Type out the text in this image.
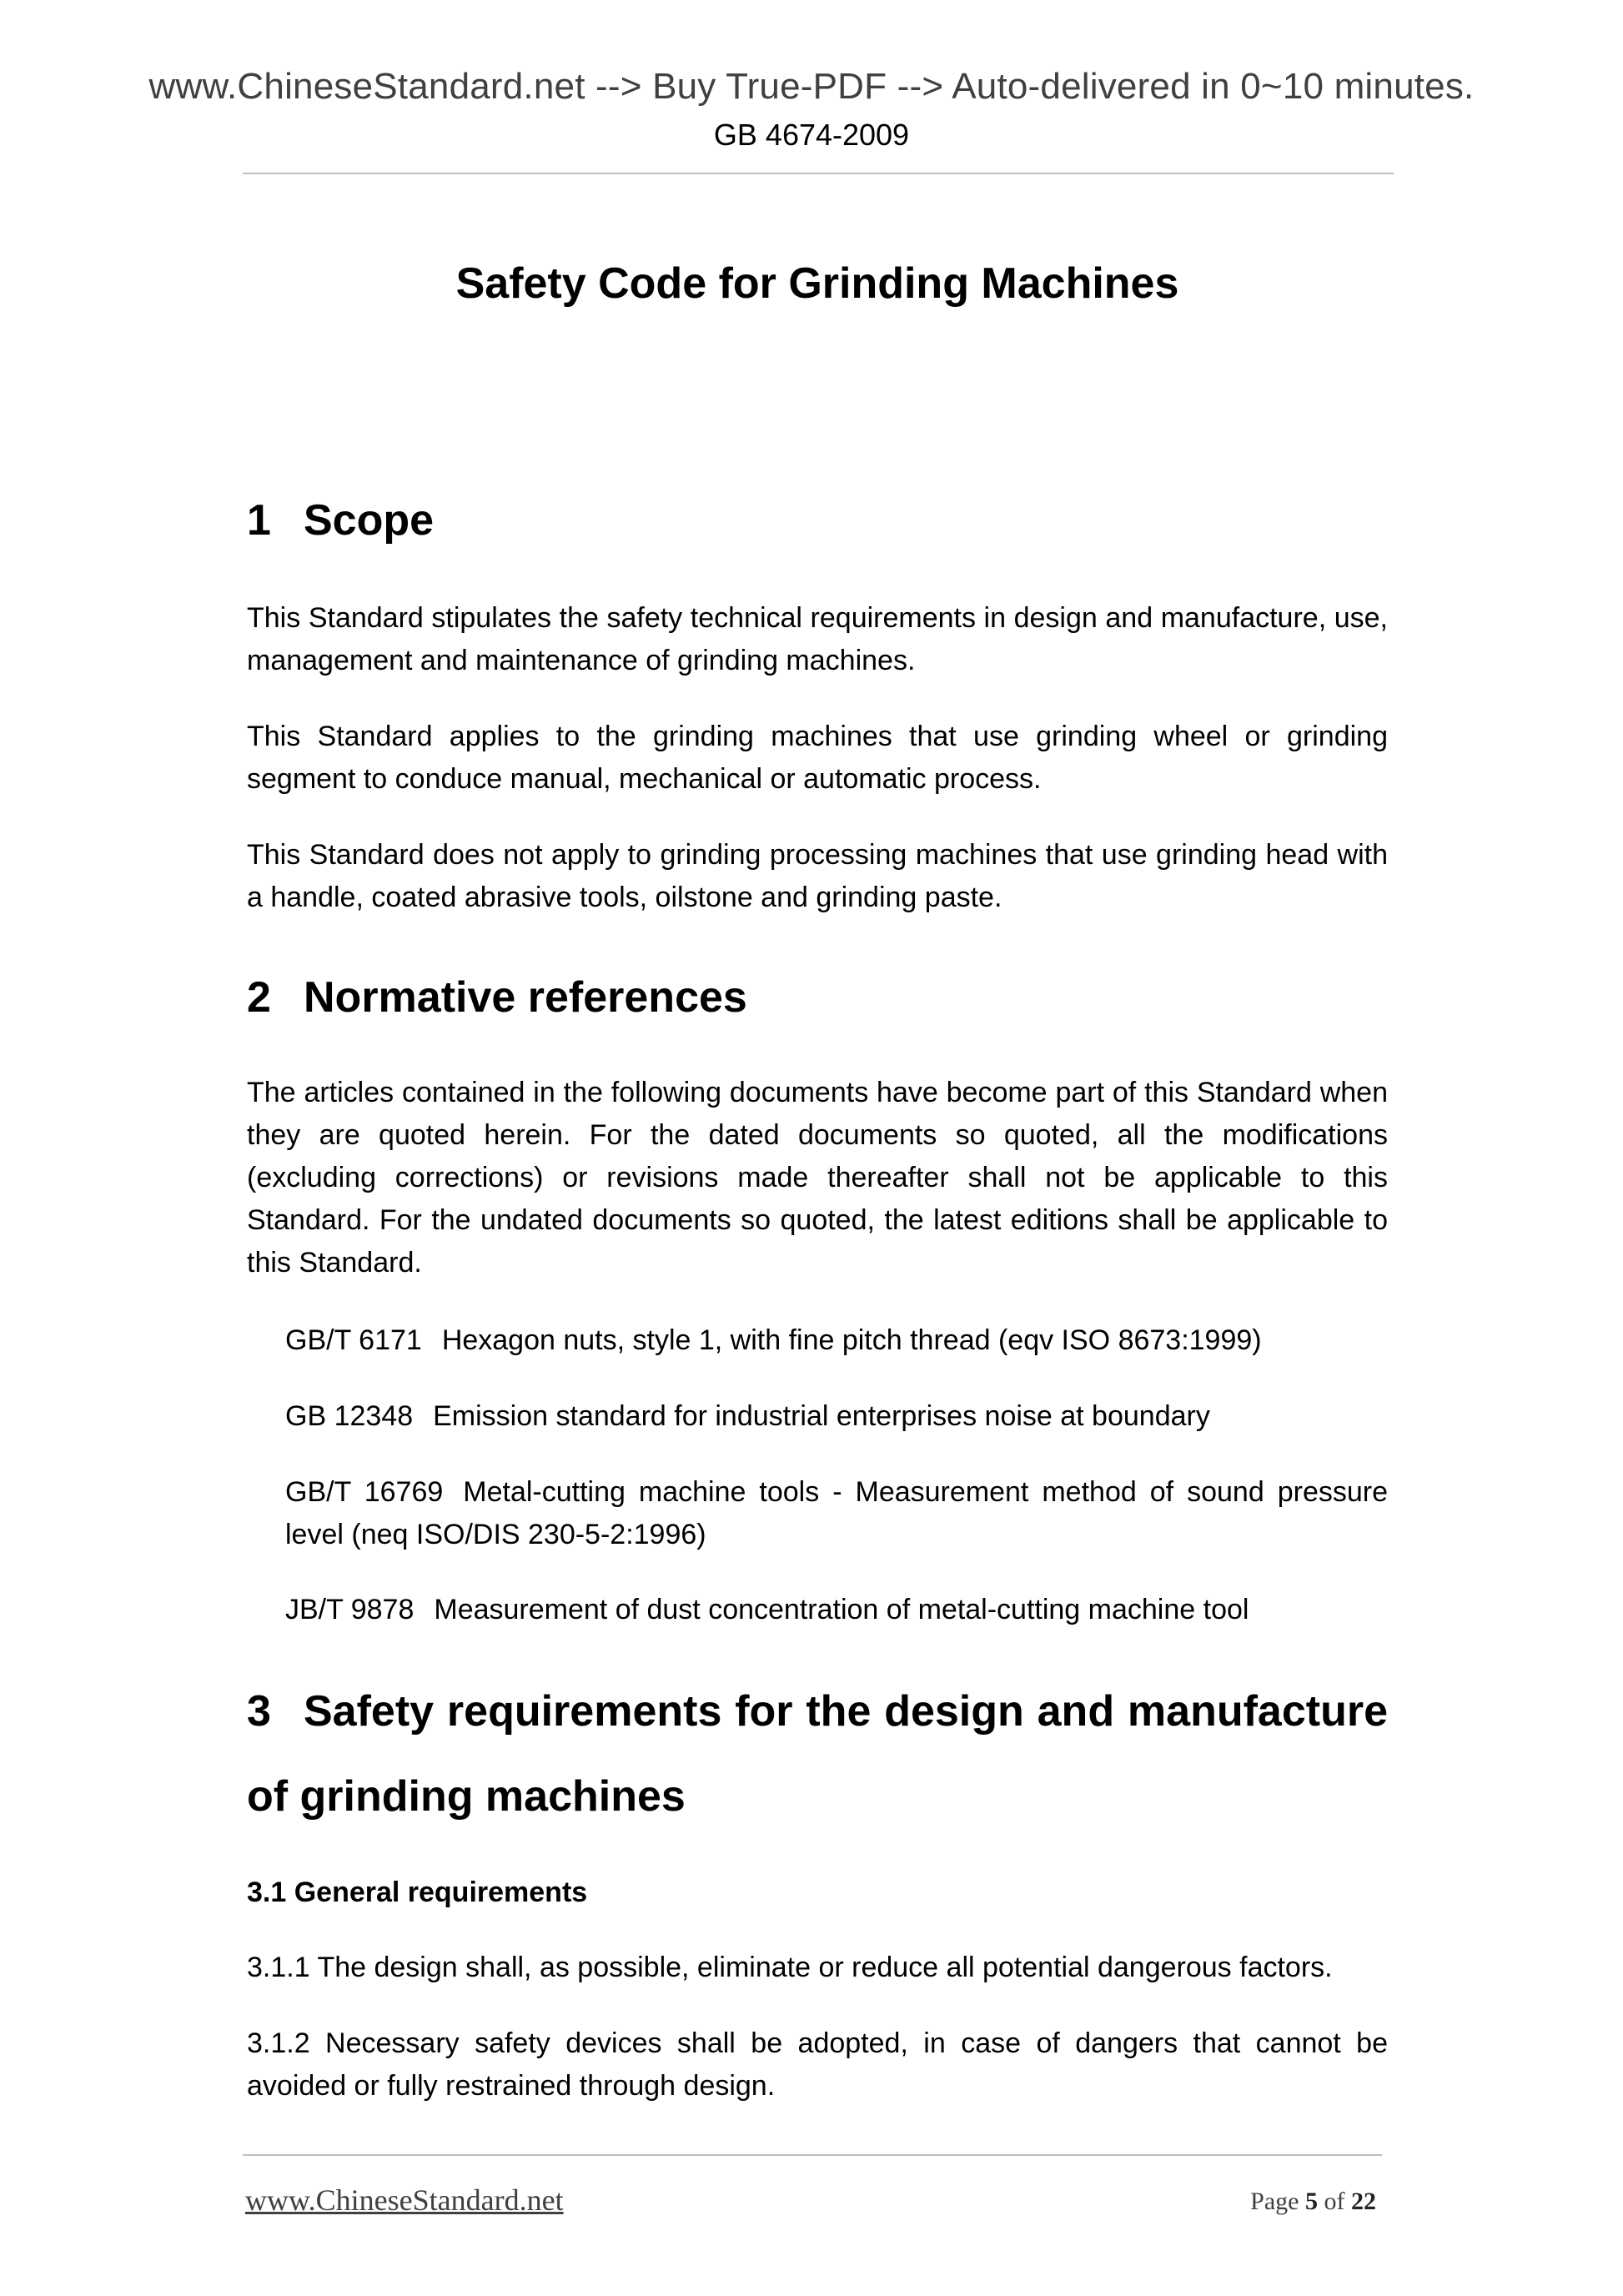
www.ChineseStandard.net --> Buy True-PDF --> Auto-delivered in 0~10 minutes.
GB 4674-2009
Safety Code for Grinding Machines
1 Scope
This Standard stipulates the safety technical requirements in design and manufacture, use, management and maintenance of grinding machines.
This Standard applies to the grinding machines that use grinding wheel or grinding segment to conduce manual, mechanical or automatic process.
This Standard does not apply to grinding processing machines that use grinding head with a handle, coated abrasive tools, oilstone and grinding paste.
2 Normative references
The articles contained in the following documents have become part of this Standard when they are quoted herein. For the dated documents so quoted, all the modifications (excluding corrections) or revisions made thereafter shall not be applicable to this Standard. For the undated documents so quoted, the latest editions shall be applicable to this Standard.
GB/T 6171 Hexagon nuts, style 1, with fine pitch thread (eqv ISO 8673:1999)
GB 12348 Emission standard for industrial enterprises noise at boundary
GB/T 16769 Metal-cutting machine tools - Measurement method of sound pressure level (neq ISO/DIS 230-5-2:1996)
JB/T 9878 Measurement of dust concentration of metal-cutting machine tool
3 Safety requirements for the design and manufacture of grinding machines
3.1 General requirements
3.1.1 The design shall, as possible, eliminate or reduce all potential dangerous factors.
3.1.2 Necessary safety devices shall be adopted, in case of dangers that cannot be avoided or fully restrained through design.
www.ChineseStandard.net	Page 5 of 22
